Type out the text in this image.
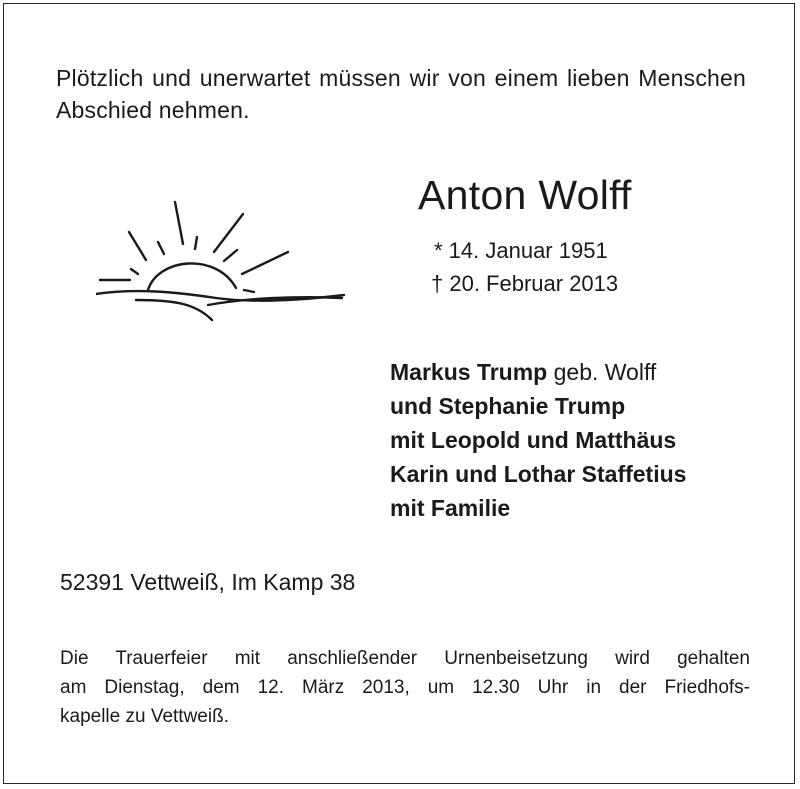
Plötzlich und unerwartet müssen wir von einem lieben Menschen Abschied nehmen.
Anton Wolff
* 14. Januar 1951
† 20. Februar 2013
Markus Trump geb. Wolff
und Stephanie Trump
mit Leopold und Matthäus
Karin und Lothar Staffetius
mit Familie
52391 Vettweiß, Im Kamp 38
Die Trauerfeier mit anschließender Urnenbeisetzung wird gehalten
am Dienstag, dem 12. März 2013, um 12.30 Uhr in der Friedhofs-
kapelle zu Vettweiß.
